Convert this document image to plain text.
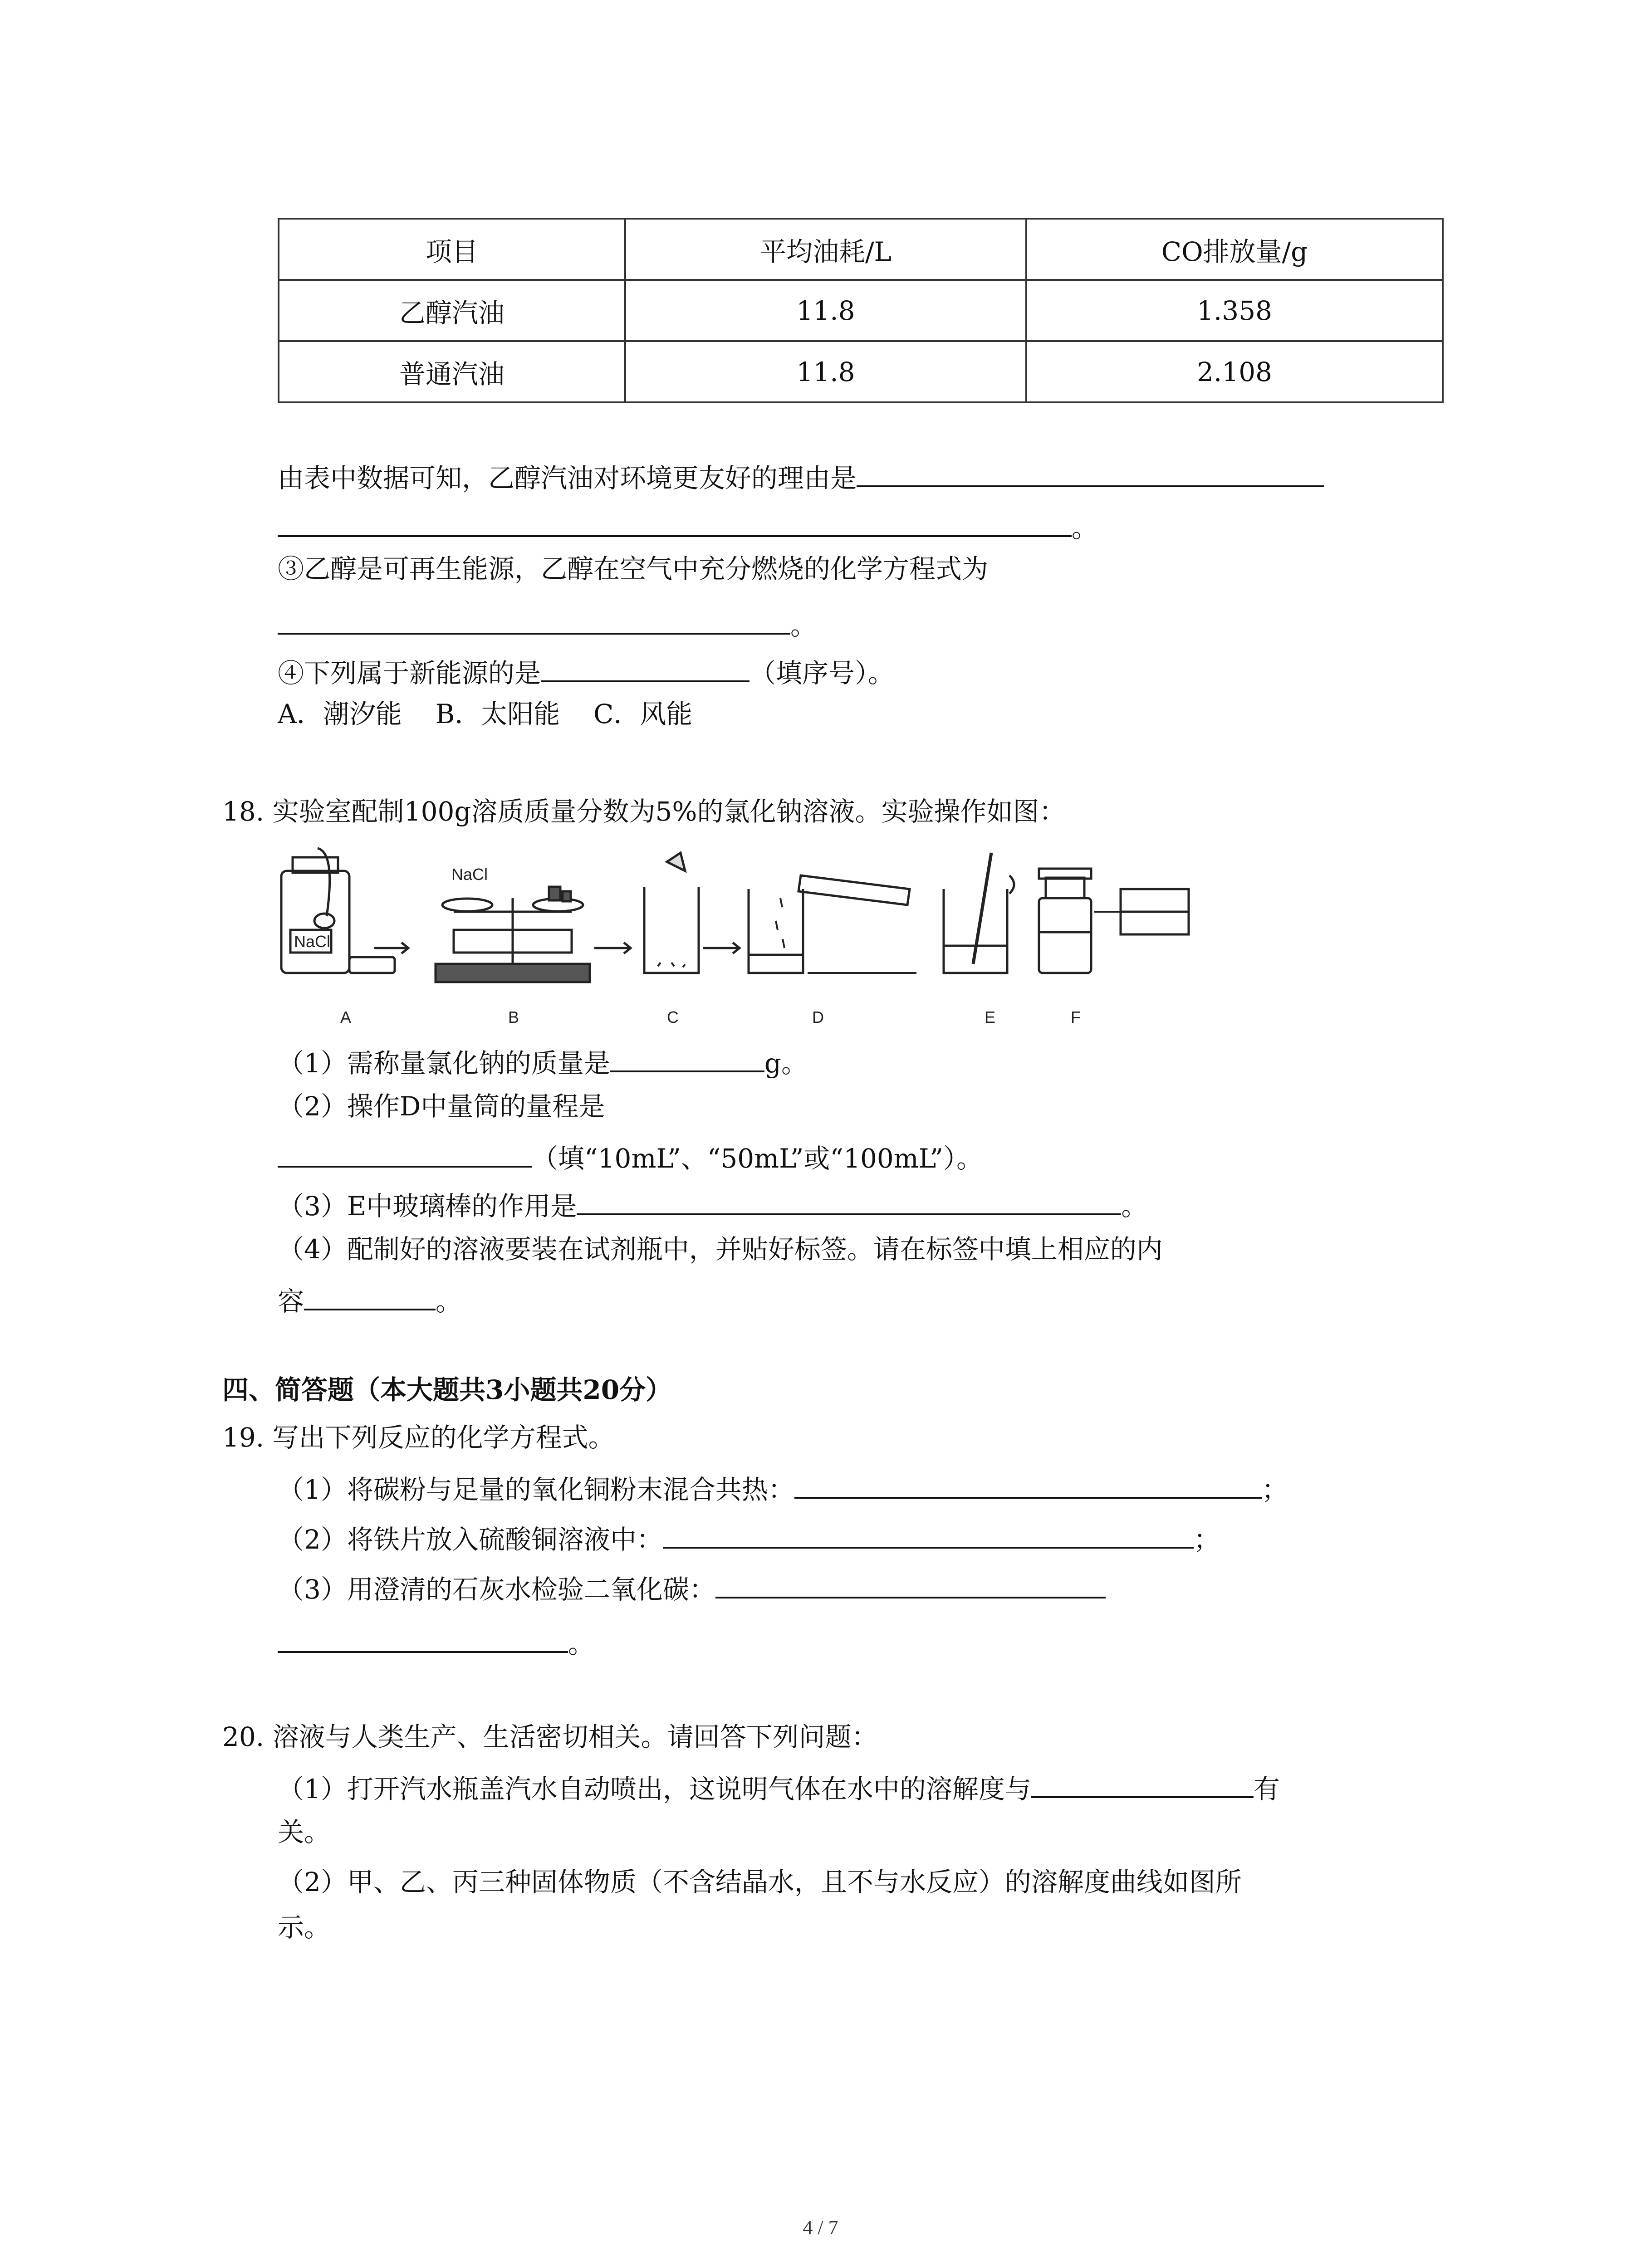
项目	平均油耗/L	CO排放量/g
乙醇汽油	11.8	1.358
普通汽油	11.8	2.108
由表中数据可知，乙醇汽油对环境更友好的理由是
。
③乙醇是可再生能源，乙醇在空气中充分燃烧的化学方程式为
。
④下列属于新能源的是	（填序号）。
A．潮汐能    B．太阳能    C．风能
18. 实验室配制100g溶质质量分数为5%的氯化钠溶液。实验操作如图：
NaCl
NaCl
A	B	C	D	E	F
（1）需称量氯化钠的质量是	g。
（2）操作D中量筒的量程是
（填“10mL”、“50mL”或“100mL”）。
（3）E中玻璃棒的作用是	。
（4）配制好的溶液要装在试剂瓶中，并贴好标签。请在标签中填上相应的内
容	。
四、简答题（本大题共3小题共20分）
19. 写出下列反应的化学方程式。
（1）将碳粉与足量的氧化铜粉末混合共热：	；
（2）将铁片放入硫酸铜溶液中：	；
（3）用澄清的石灰水检验二氧化碳：
。
20. 溶液与人类生产、生活密切相关。请回答下列问题：
（1）打开汽水瓶盖汽水自动喷出，这说明气体在水中的溶解度与	有
关。
（2）甲、乙、丙三种固体物质（不含结晶水，且不与水反应）的溶解度曲线如图所
示。
4 / 7
